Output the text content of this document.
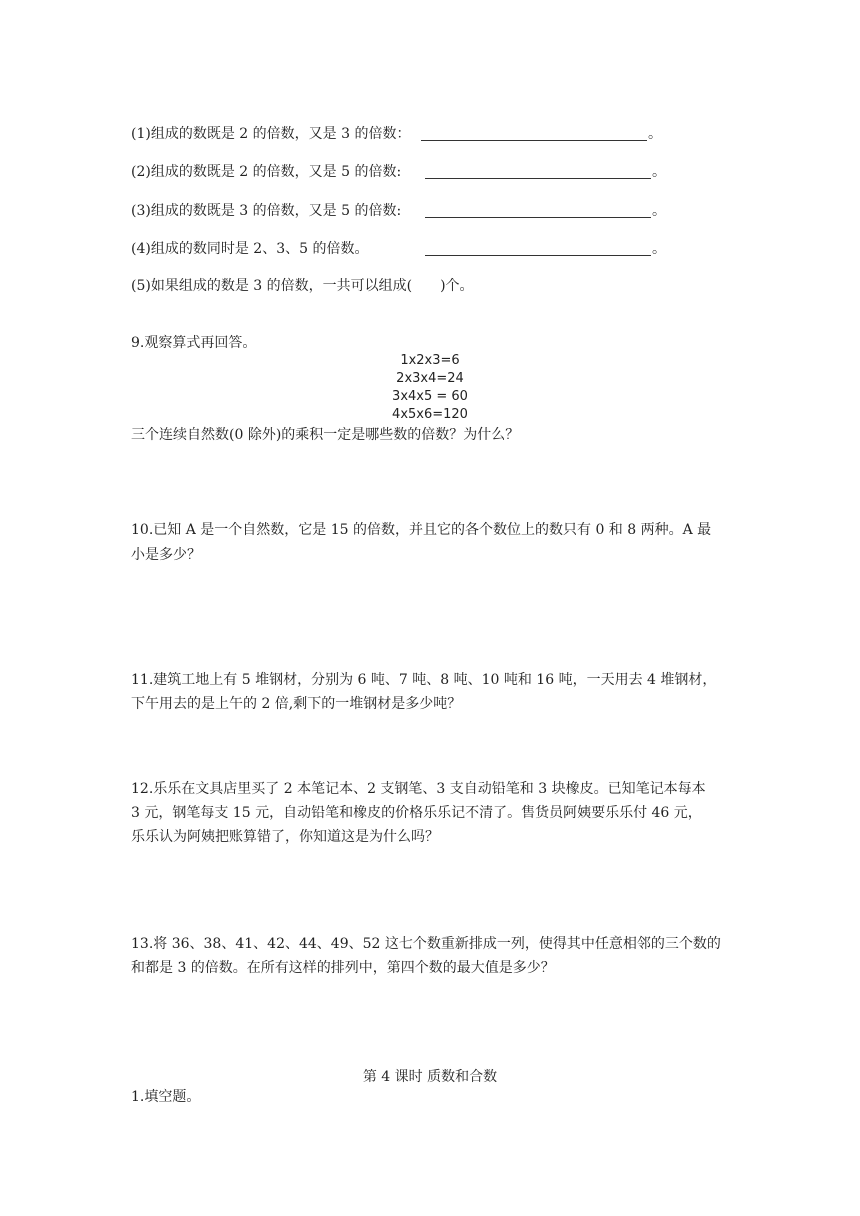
(1)组成的数既是 2 的倍数，又是 3 的倍数：	。
(2)组成的数既是 2 的倍数，又是 5 的倍数:	。
(3)组成的数既是 3 的倍数，又是 5 的倍数:	。
(4)组成的数同时是 2、3、5 的倍数。	。
(5)如果组成的数是 3 的倍数，一共可以组成(　　)个。
9.观察算式再回答。
1x2x3=6
2x3x4=24
3x4x5 = 60
4x5x6=120
三个连续自然数(0 除外)的乘积一定是哪些数的倍数？为什么？
10.已知 A 是一个自然数，它是 15 的倍数，并且它的各个数位上的数只有 0 和 8 两种。A 最
小是多少？
11.建筑工地上有 5 堆钢材，分别为 6 吨、7 吨、8 吨、10 吨和 16 吨，一天用去 4 堆钢材，
下午用去的是上午的 2 倍,剩下的一堆钢材是多少吨？
12.乐乐在文具店里买了 2 本笔记本、2 支钢笔、3 支自动铅笔和 3 块橡皮。已知笔记本每本
3 元，钢笔每支 15 元，自动铅笔和橡皮的价格乐乐记不清了。售货员阿姨要乐乐付 46 元，
乐乐认为阿姨把账算错了，你知道这是为什么吗？
13.将 36、38、41、42、44、49、52 这七个数重新排成一列，使得其中任意相邻的三个数的
和都是 3 的倍数。在所有这样的排列中，第四个数的最大值是多少？
第 4 课时 质数和合数
1.填空题。
